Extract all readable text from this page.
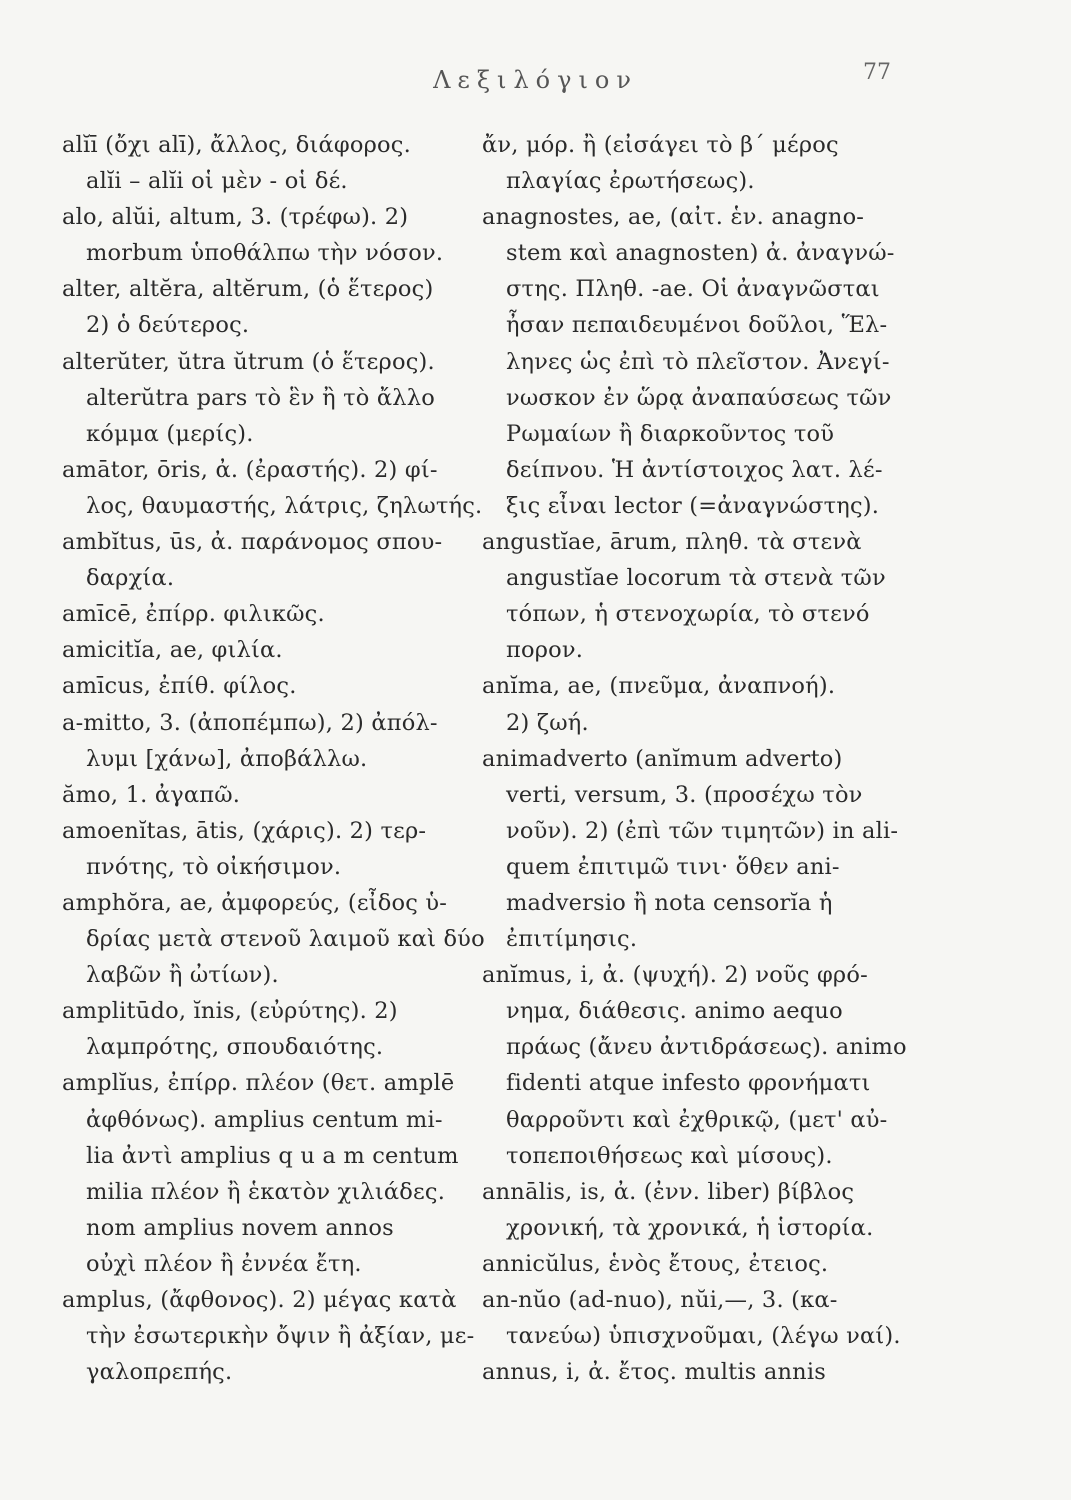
Λεξιλόγιον	77
alĭī (ὄχι alī), ἄλλος, διάφορος.
alĭi – alĭi οἱ μὲν - οἱ δέ.
alo, alŭi, altum, 3. (τρέφω). 2)
morbum ὑποθάλπω τὴν νόσον.
alter, altĕra, altĕrum, (ὁ ἕτερος)
2) ὁ δεύτερος.
alterŭter, ŭtra ŭtrum (ὁ ἕτερος).
alterŭtra pars τὸ ἓν ἢ τὸ ἄλλο
κόμμα (μερίς).
amātor, ōris, ἀ. (ἐραστής). 2) φί-
λος, θαυμαστής, λάτρις, ζηλωτής.
ambĭtus, ūs, ἀ. παράνομος σπου-
δαρχία.
amīcē, ἐπίρρ. φιλικῶς.
amicitĭa, ae, φιλία.
amīcus, ἐπίθ. φίλος.
a-mitto, 3. (ἀποπέμπω), 2) ἀπόλ-
λυμι [χάνω], ἀποβάλλω.
ămo, 1. ἀγαπῶ.
amoenĭtas, ātis, (χάρις). 2) τερ-
πνότης, τὸ οἰκήσιμον.
amphŏra, ae, ἀμφορεύς, (εἶδος ὑ-
δρίας μετὰ στενοῦ λαιμοῦ καὶ δύο
λαβῶν ἢ ὠτίων).
amplitūdo, ĭnis, (εὐρύτης). 2)
λαμπρότης, σπουδαιότης.
amplĭus, ἐπίρρ. πλέον (θετ. amplē
ἀφθόνως). amplius centum mi-
lia ἀντὶ amplius q u a m centum
milia πλέον ἢ ἑκατὸν χιλιάδες.
nom amplius novem annos
οὐχὶ πλέον ἢ ἐννέα ἔτη.
amplus, (ἄφθονος). 2) μέγας κατὰ
τὴν ἐσωτερικὴν ὄψιν ἢ ἀξίαν, με-
γαλοπρεπής.
ἄν, μόρ. ἢ (εἰσάγει τὸ β΄ μέρος
πλαγίας ἐρωτήσεως).
anagnostes, ae, (αἰτ. ἑν. anagno-
stem καὶ anagnosten) ἀ. ἀναγνώ-
στης. Πληθ. -ae. Οἱ ἀναγνῶσται
ἦσαν πεπαιδευμένοι δοῦλοι, Ἕλ-
ληνες ὡς ἐπὶ τὸ πλεῖστον. Ἀνεγί-
νωσκον ἐν ὥρᾳ ἀναπαύσεως τῶν
Ρωμαίων ἢ διαρκοῦντος τοῦ
δείπνου. Ἡ ἀντίστοιχος λατ. λέ-
ξις εἶναι lector (=ἀναγνώστης).
angustĭae, ārum, πληθ. τὰ στενὰ
angustĭae locorum τὰ στενὰ τῶν
τόπων, ἡ στενοχωρία, τὸ στενό
πορον.
anĭma, ae, (πνεῦμα, ἀναπνοή).
2) ζωή.
animadverto (anĭmum adverto)
verti, versum, 3. (προσέχω τὸν
νοῦν). 2) (ἐπὶ τῶν τιμητῶν) in ali-
quem ἐπιτιμῶ τινι· ὅθεν ani-
madversio ἢ nota censorĭa ἡ
ἐπιτίμησις.
anĭmus, i, ἀ. (ψυχή). 2) νοῦς φρό-
νημα, διάθεσις. animo aequo
πράως (ἄνευ ἀντιδράσεως). animo
fidenti atque infesto φρονήματι
θαρροῦντι καὶ ἐχθρικῷ, (μετ' αὐ-
τοπεποιθήσεως καὶ μίσους).
annālis, is, ἀ. (ἐνν. liber) βίβλος
χρονική, τὰ χρονικά, ἡ ἱστορία.
annicŭlus, ἑνὸς ἔτους, ἐτειος.
an-nŭo (ad-nuo), nŭi,—, 3. (κα-
τανεύω) ὑπισχνοῦμαι, (λέγω ναί).
annus, i, ἀ. ἔτος. multis annis
